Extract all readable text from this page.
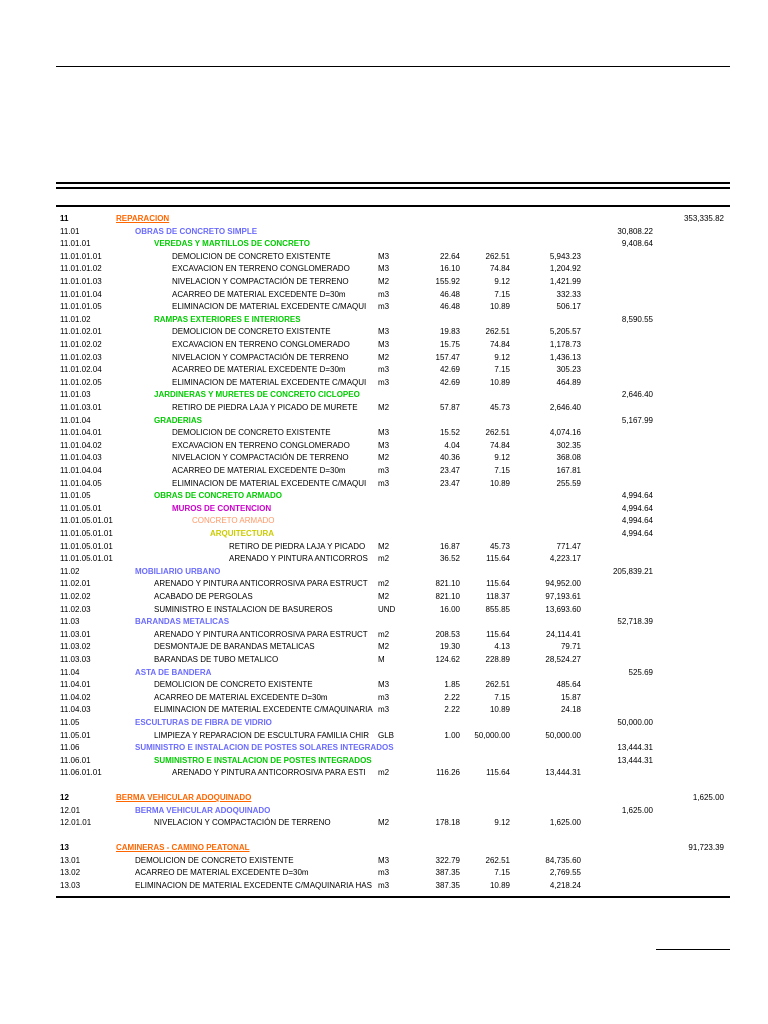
11	REPARACION	353,335.82
11.01	OBRAS DE CONCRETO SIMPLE	30,808.22
11.01.01	VEREDAS Y MARTILLOS DE CONCRETO	9,408.64
11.01.01.01	DEMOLICION DE CONCRETO EXISTENTE	M3	22.64	262.51	5,943.23
11.01.01.02	EXCAVACION EN TERRENO CONGLOMERADO	M3	16.10	74.84	1,204.92
11.01.01.03	NIVELACION Y COMPACTACIÓN DE TERRENO	M2	155.92	9.12	1,421.99
11.01.01.04	ACARREO DE MATERIAL EXCEDENTE D=30m	m3	46.48	7.15	332.33
11.01.01.05	ELIMINACION DE MATERIAL EXCEDENTE C/MAQUI	m3	46.48	10.89	506.17
11.01.02	RAMPAS EXTERIORES E INTERIORES	8,590.55
11.01.02.01	DEMOLICION DE CONCRETO EXISTENTE	M3	19.83	262.51	5,205.57
11.01.02.02	EXCAVACION EN TERRENO CONGLOMERADO	M3	15.75	74.84	1,178.73
11.01.02.03	NIVELACION Y COMPACTACIÓN DE TERRENO	M2	157.47	9.12	1,436.13
11.01.02.04	ACARREO DE MATERIAL EXCEDENTE D=30m	m3	42.69	7.15	305.23
11.01.02.05	ELIMINACION DE MATERIAL EXCEDENTE C/MAQUI	m3	42.69	10.89	464.89
11.01.03	JARDINERAS Y MURETES DE CONCRETO CICLOPEO	2,646.40
11.01.03.01	RETIRO DE PIEDRA LAJA Y PICADO DE MURETE	M2	57.87	45.73	2,646.40
11.01.04	GRADERIAS	5,167.99
11.01.04.01	DEMOLICION DE CONCRETO EXISTENTE	M3	15.52	262.51	4,074.16
11.01.04.02	EXCAVACION EN TERRENO CONGLOMERADO	M3	4.04	74.84	302.35
11.01.04.03	NIVELACION Y COMPACTACIÓN DE TERRENO	M2	40.36	9.12	368.08
11.01.04.04	ACARREO DE MATERIAL EXCEDENTE D=30m	m3	23.47	7.15	167.81
11.01.04.05	ELIMINACION DE MATERIAL EXCEDENTE C/MAQUI	m3	23.47	10.89	255.59
11.01.05	OBRAS DE CONCRETO ARMADO	4,994.64
11.01.05.01	MUROS DE CONTENCION	4,994.64
11.01.05.01.01	CONCRETO ARMADO	4,994.64
11.01.05.01.01	ARQUITECTURA	4,994.64
11.01.05.01.01	RETIRO DE PIEDRA LAJA Y PICADO	M2	16.87	45.73	771.47
11.01.05.01.01	ARENADO Y PINTURA ANTICORROS	m2	36.52	115.64	4,223.17
11.02	MOBILIARIO URBANO	205,839.21
11.02.01	ARENADO Y PINTURA ANTICORROSIVA PARA ESTRUCT	m2	821.10	115.64	94,952.00
11.02.02	ACABADO DE PERGOLAS	M2	821.10	118.37	97,193.61
11.02.03	SUMINISTRO E INSTALACION DE BASUREROS	UND	16.00	855.85	13,693.60
11.03	BARANDAS METALICAS	52,718.39
11.03.01	ARENADO Y PINTURA ANTICORROSIVA PARA ESTRUCT	m2	208.53	115.64	24,114.41
11.03.02	DESMONTAJE DE BARANDAS METALICAS	M2	19.30	4.13	79.71
11.03.03	BARANDAS DE TUBO METALICO	M	124.62	228.89	28,524.27
11.04	ASTA DE BANDERA	525.69
11.04.01	DEMOLICION DE CONCRETO EXISTENTE	M3	1.85	262.51	485.64
11.04.02	ACARREO DE MATERIAL EXCEDENTE D=30m	m3	2.22	7.15	15.87
11.04.03	ELIMINACION DE MATERIAL EXCEDENTE C/MAQUINARIA m3	2.22	10.89	24.18
11.05	ESCULTURAS DE FIBRA DE VIDRIO	50,000.00
11.05.01	LIMPIEZA Y REPARACION DE ESCULTURA FAMILIA CHIR	GLB	1.00	50,000.00	50,000.00
11.06	SUMINISTRO E INSTALACION DE POSTES SOLARES INTEGRADOS	13,444.31
11.06.01	SUMINISTRO E INSTALACION DE POSTES INTEGRADOS	13,444.31
11.06.01.01	ARENADO Y PINTURA ANTICORROSIVA PARA ESTI	m2	116.26	115.64	13,444.31
12	BERMA VEHICULAR ADOQUINADO	1,625.00
12.01	BERMA VEHICULAR ADOQUINADO	1,625.00
12.01.01	NIVELACION Y COMPACTACIÓN DE TERRENO	M2	178.18	9.12	1,625.00
13	CAMINERAS - CAMINO PEATONAL	91,723.39
13.01	DEMOLICION DE CONCRETO EXISTENTE	M3	322.79	262.51	84,735.60
13.02	ACARREO DE MATERIAL EXCEDENTE D=30m	m3	387.35	7.15	2,769.55
13.03	ELIMINACION DE MATERIAL EXCEDENTE C/MAQUINARIA HAS m3	387.35	10.89	4,218.24
